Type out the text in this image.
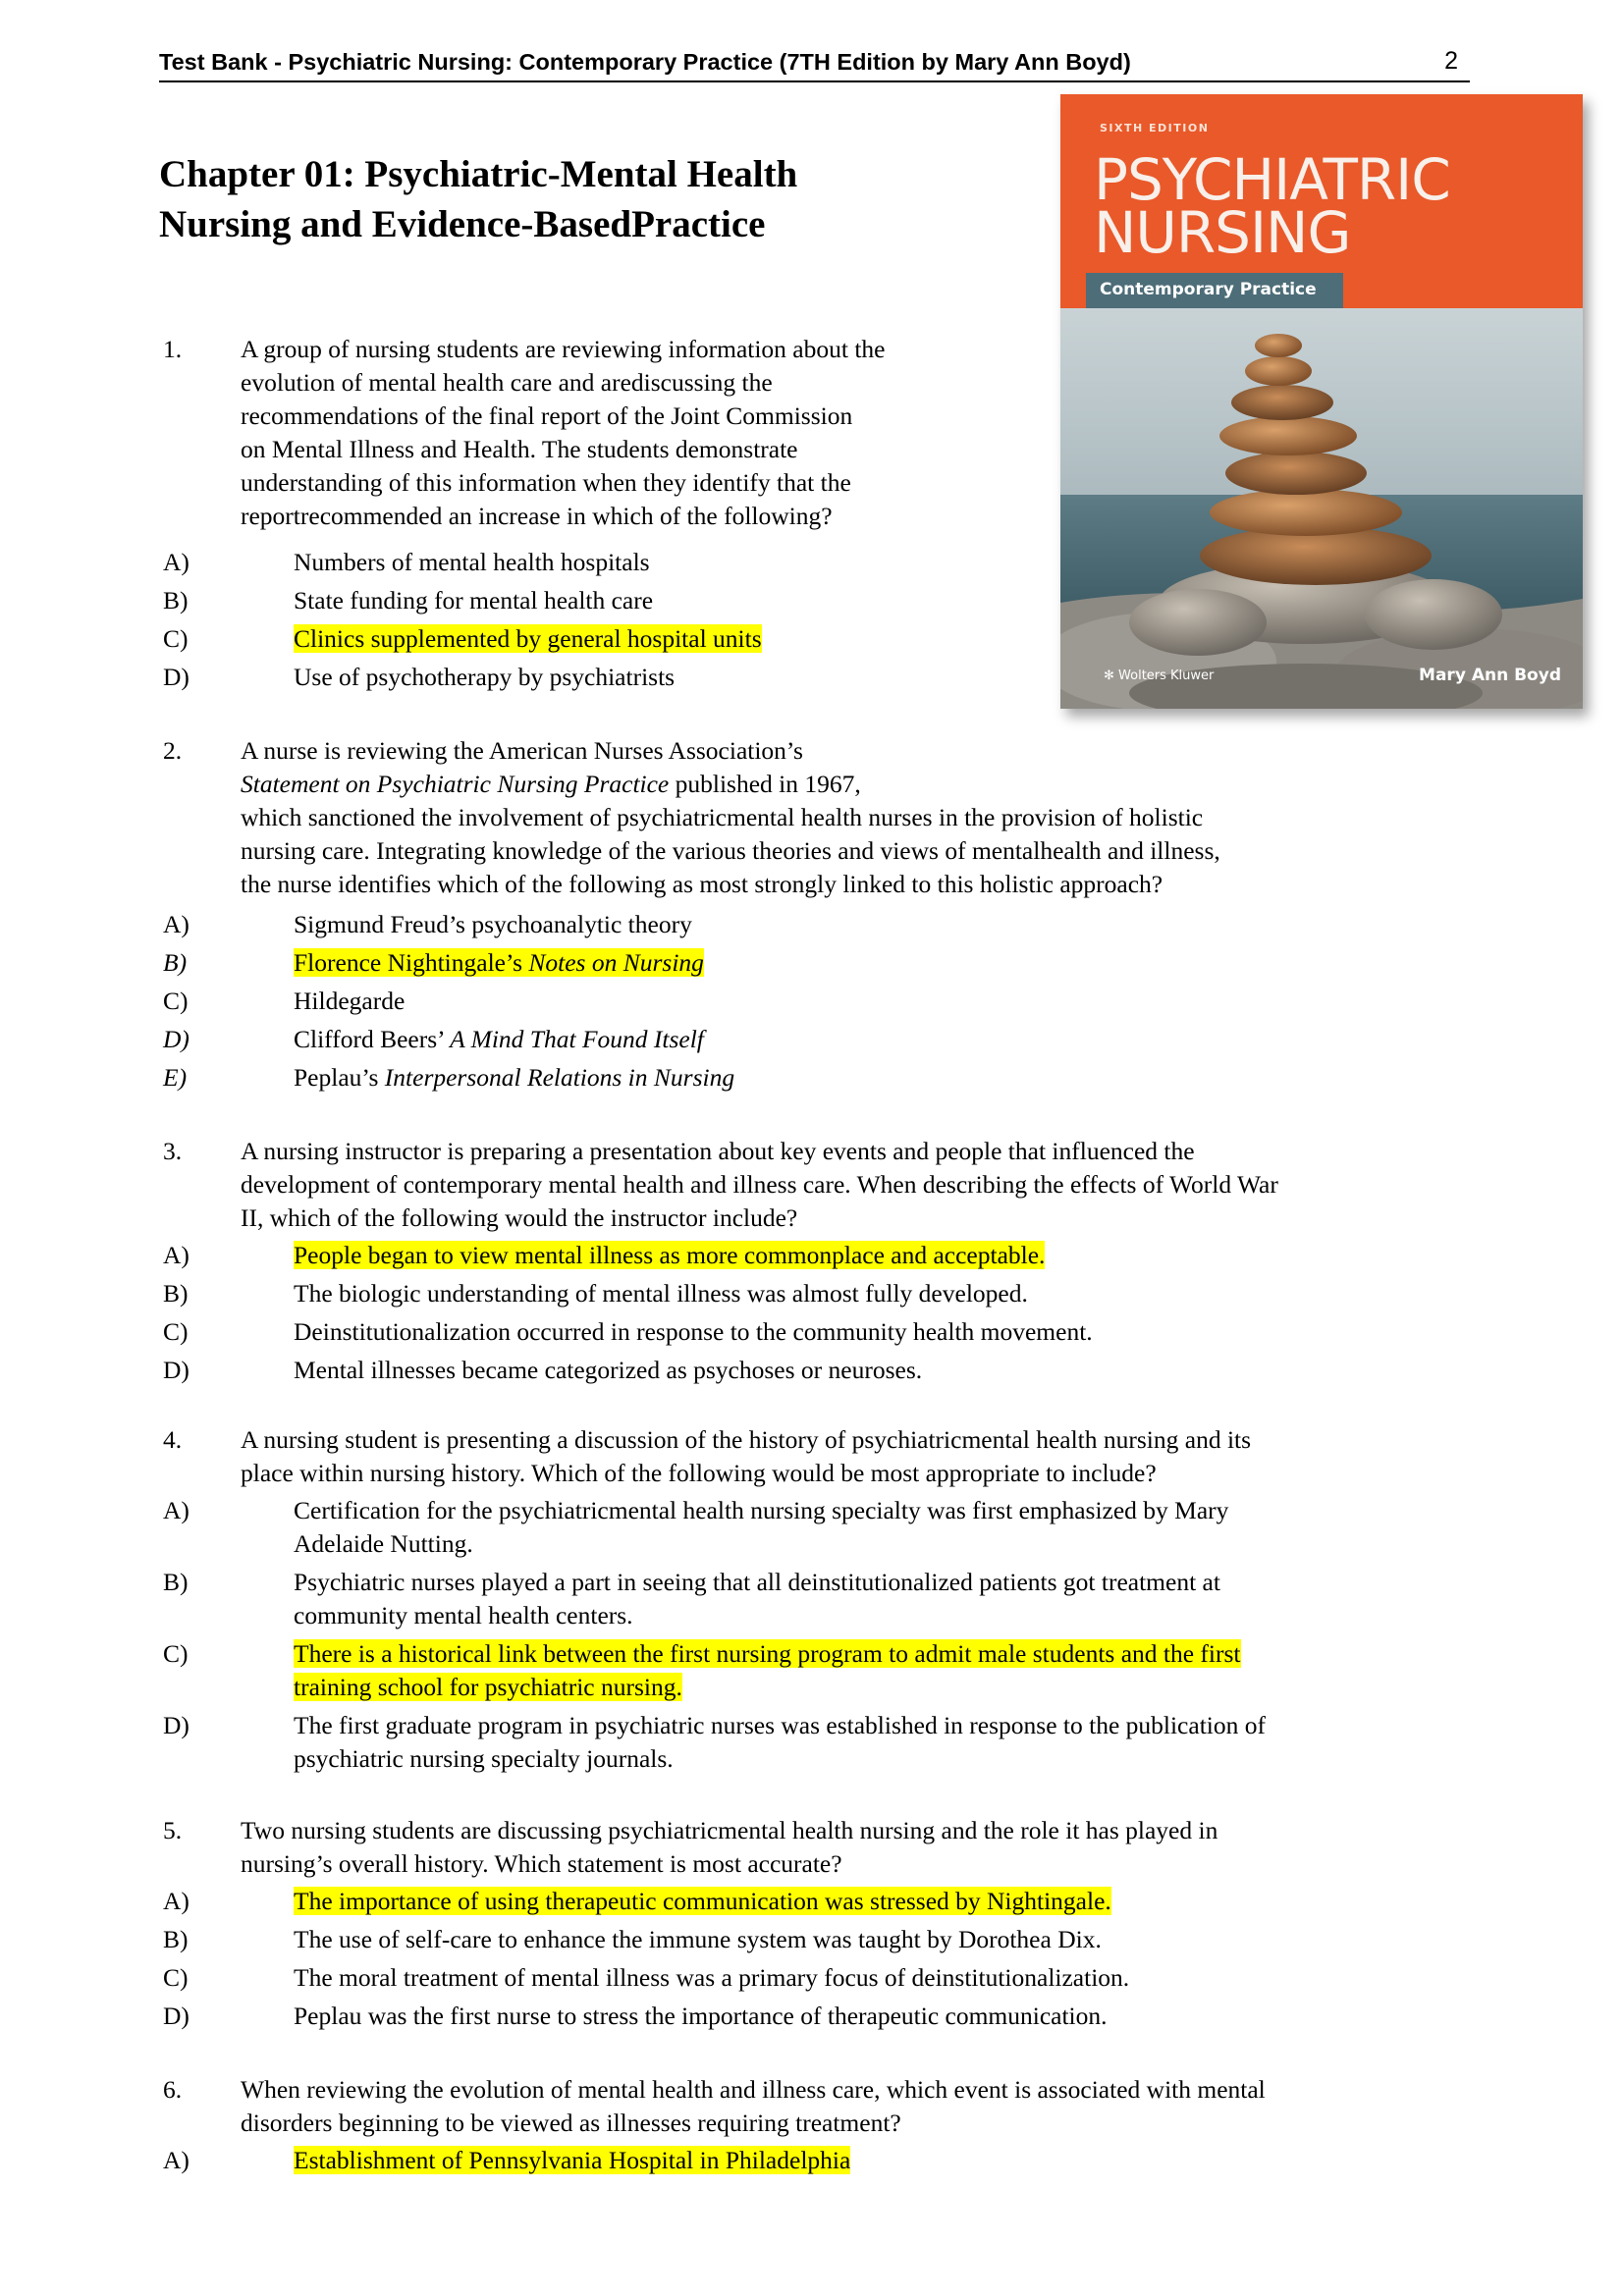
Test Bank - Psychiatric Nursing: Contemporary Practice (7TH Edition by Mary Ann Boyd)	2
Chapter 01: Psychiatric-Mental Health
Nursing and Evidence-BasedPractice
SIXTH EDITION
PSYCHIATRIC
NURSING
Contemporary Practice
✻ Wolters Kluwer	Mary Ann Boyd
1. A group of nursing students are reviewing information about the
evolution of mental health care and arediscussing the
recommendations of the final report of the Joint Commission
on Mental Illness and Health. The students demonstrate
understanding of this information when they identify that the
reportrecommended an increase in which of the following?
A)	Numbers of mental health hospitals
B)	State funding for mental health care
C)	Clinics supplemented by general hospital units
D)	Use of psychotherapy by psychiatrists
2. A nurse is reviewing the American Nurses Association’s
Statement on Psychiatric Nursing Practice published in 1967,
which sanctioned the involvement of psychiatricmental health nurses in the provision of holistic
nursing care. Integrating knowledge of the various theories and views of mentalhealth and illness,
the nurse identifies which of the following as most strongly linked to this holistic approach?
A)	Sigmund Freud’s psychoanalytic theory
B)	Florence Nightingale’s Notes on Nursing
C)	Hildegarde
D)	Clifford Beers’ A Mind That Found Itself
E)	Peplau’s Interpersonal Relations in Nursing
3. A nursing instructor is preparing a presentation about key events and people that influenced the
development of contemporary mental health and illness care. When describing the effects of World War
II, which of the following would the instructor include?
A)	People began to view mental illness as more commonplace and acceptable.
B)	The biologic understanding of mental illness was almost fully developed.
C)	Deinstitutionalization occurred in response to the community health movement.
D)	Mental illnesses became categorized as psychoses or neuroses.
4. A nursing student is presenting a discussion of the history of psychiatricmental health nursing and its
place within nursing history. Which of the following would be most appropriate to include?
A)	Certification for the psychiatricmental health nursing specialty was first emphasized by Mary
Adelaide Nutting.
B)	Psychiatric nurses played a part in seeing that all deinstitutionalized patients got treatment at
community mental health centers.
C)	There is a historical link between the first nursing program to admit male students and the first
training school for psychiatric nursing.
D)	The first graduate program in psychiatric nurses was established in response to the publication of
psychiatric nursing specialty journals.
5. Two nursing students are discussing psychiatricmental health nursing and the role it has played in
nursing’s overall history. Which statement is most accurate?
A)	The importance of using therapeutic communication was stressed by Nightingale.
B)	The use of self-care to enhance the immune system was taught by Dorothea Dix.
C)	The moral treatment of mental illness was a primary focus of deinstitutionalization.
D)	Peplau was the first nurse to stress the importance of therapeutic communication.
6. When reviewing the evolution of mental health and illness care, which event is associated with mental
disorders beginning to be viewed as illnesses requiring treatment?
A)	Establishment of Pennsylvania Hospital in Philadelphia
